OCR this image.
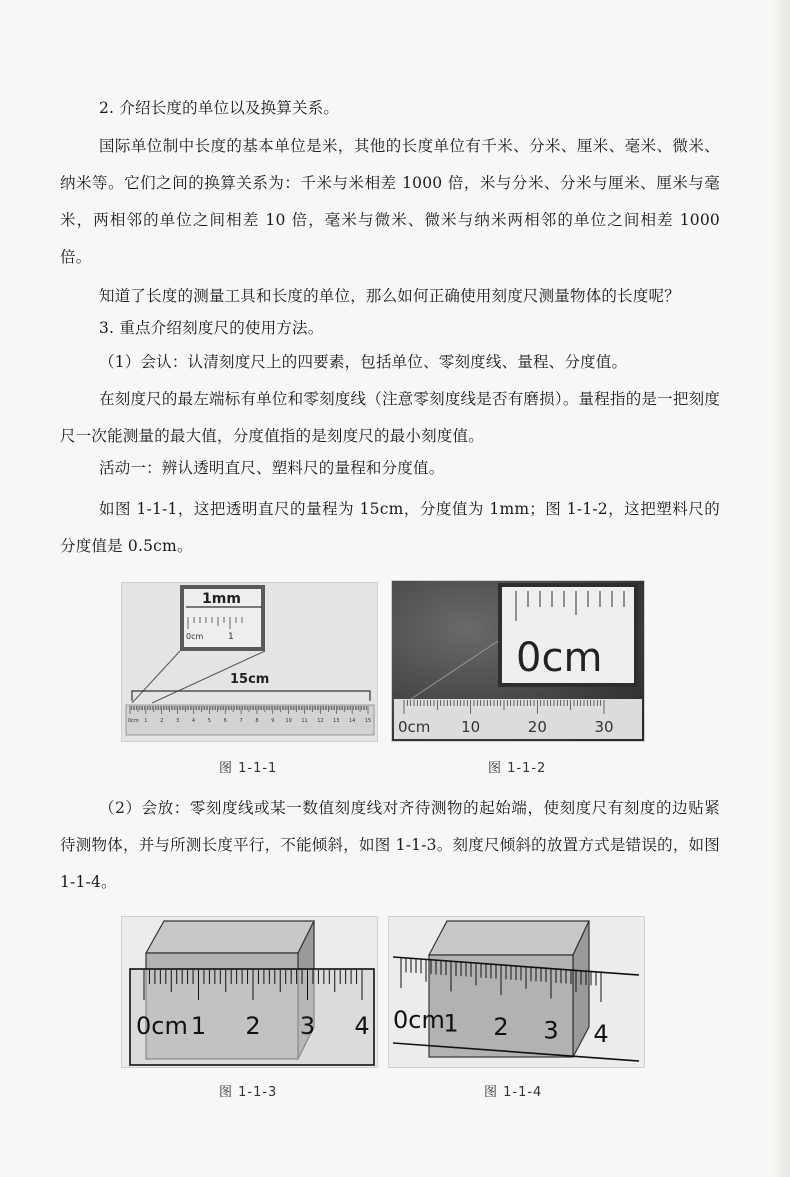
2. 介绍长度的单位以及换算关系。

国际单位制中长度的基本单位是米，其他的长度单位有千米、分米、厘米、毫米、微米、纳米等。它们之间的换算关系为：千米与米相差 1000 倍，米与分米、分米与厘米、厘米与毫米，两相邻的单位之间相差 10 倍，毫米与微米、微米与纳米两相邻的单位之间相差 1000 倍。

知道了长度的测量工具和长度的单位，那么如何正确使用刻度尺测量物体的长度呢？

3. 重点介绍刻度尺的使用方法。

（1）会认：认清刻度尺上的四要素，包括单位、零刻度线、量程、分度值。

在刻度尺的最左端标有单位和零刻度线（注意零刻度线是否有磨损）。量程指的是一把刻度尺一次能测量的最大值，分度值指的是刻度尺的最小刻度值。

活动一：辨认透明直尺、塑料尺的量程和分度值。

如图 1-1-1，这把透明直尺的量程为 15cm，分度值为 1mm；图 1-1-2，这把塑料尺的分度值是 0.5cm。

（2）会放：零刻度线或某一数值刻度线对齐待测物的起始端，使刻度尺有刻度的边贴紧待测物体，并与所测长度平行，不能倾斜，如图 1-1-3。刻度尺倾斜的放置方式是错误的，如图 1-1-4。

1mm
0cm	1
15cm
0cm 1	2	3	4	5	6	7	8	9 10 11 12 13 14 15
图 1-1-1
0cm
0cm 10	20	30
图 1-1-2
0cm 1 2 3 4
图 1-1-3
0cm
1 2 3 4
图 1-1-4
